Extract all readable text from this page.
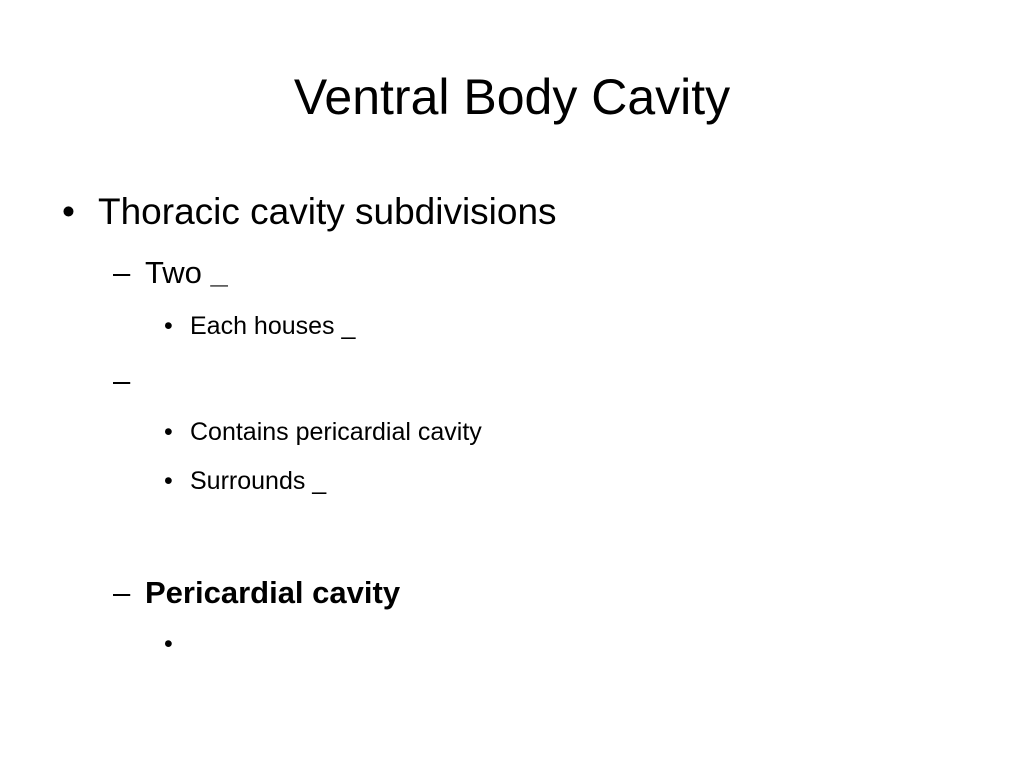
Ventral Body Cavity
• Thoracic cavity subdivisions
– Two _
• Each houses _
–
• Contains pericardial cavity
• Surrounds _
– Pericardial cavity
•
